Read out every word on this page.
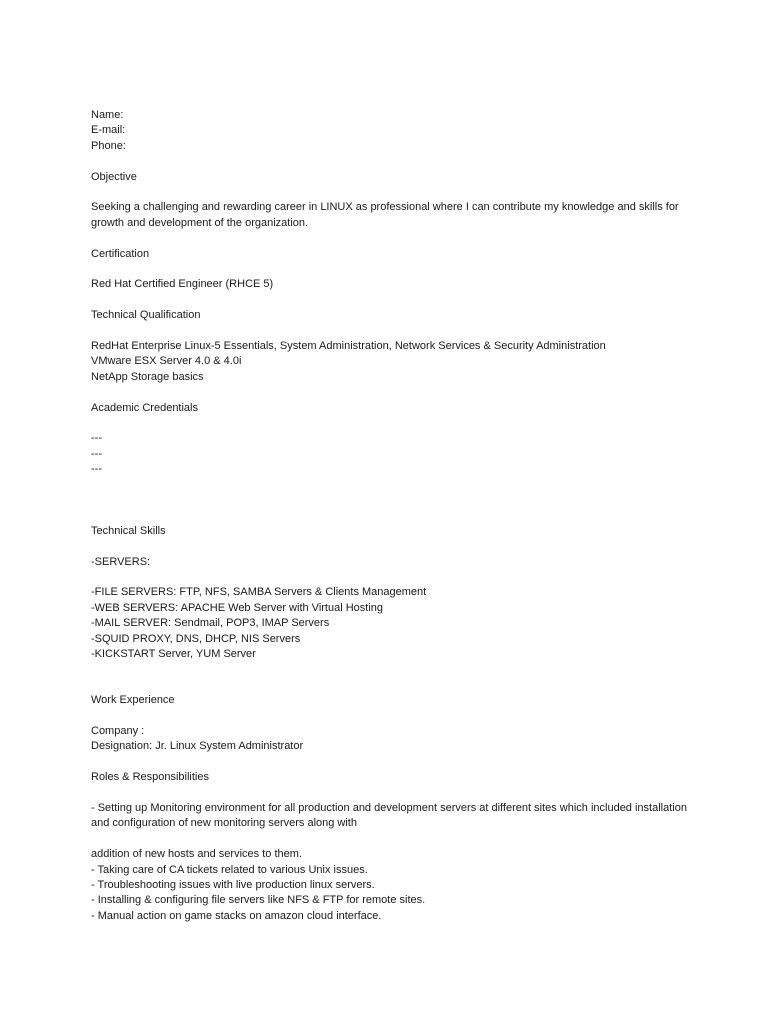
Name:
E-mail:
Phone:
Objective
Seeking a challenging and rewarding career in LINUX as professional where I can contribute my knowledge and skills for growth and development of the organization.
Certification
Red Hat Certified Engineer (RHCE 5)
Technical Qualification
RedHat Enterprise Linux-5 Essentials, System Administration, Network Services & Security Administration
VMware ESX Server 4.0 & 4.0i
NetApp Storage basics
Academic Credentials
---
---
---
Technical Skills
-SERVERS:
-FILE SERVERS: FTP, NFS, SAMBA Servers & Clients Management
-WEB SERVERS: APACHE Web Server with Virtual Hosting
-MAIL SERVER: Sendmail, POP3, IMAP Servers
-SQUID PROXY, DNS, DHCP, NIS Servers
-KICKSTART Server, YUM Server
Work Experience
Company :
Designation: Jr. Linux System Administrator
Roles & Responsibilities
- Setting up Monitoring environment for all production and development servers at different sites which included installation and configuration of new monitoring servers along with
addition of new hosts and services to them.
- Taking care of CA tickets related to various Unix issues.
- Troubleshooting issues with live production linux servers.
- Installing & configuring file servers like NFS & FTP for remote sites.
- Manual action on game stacks on amazon cloud interface.
